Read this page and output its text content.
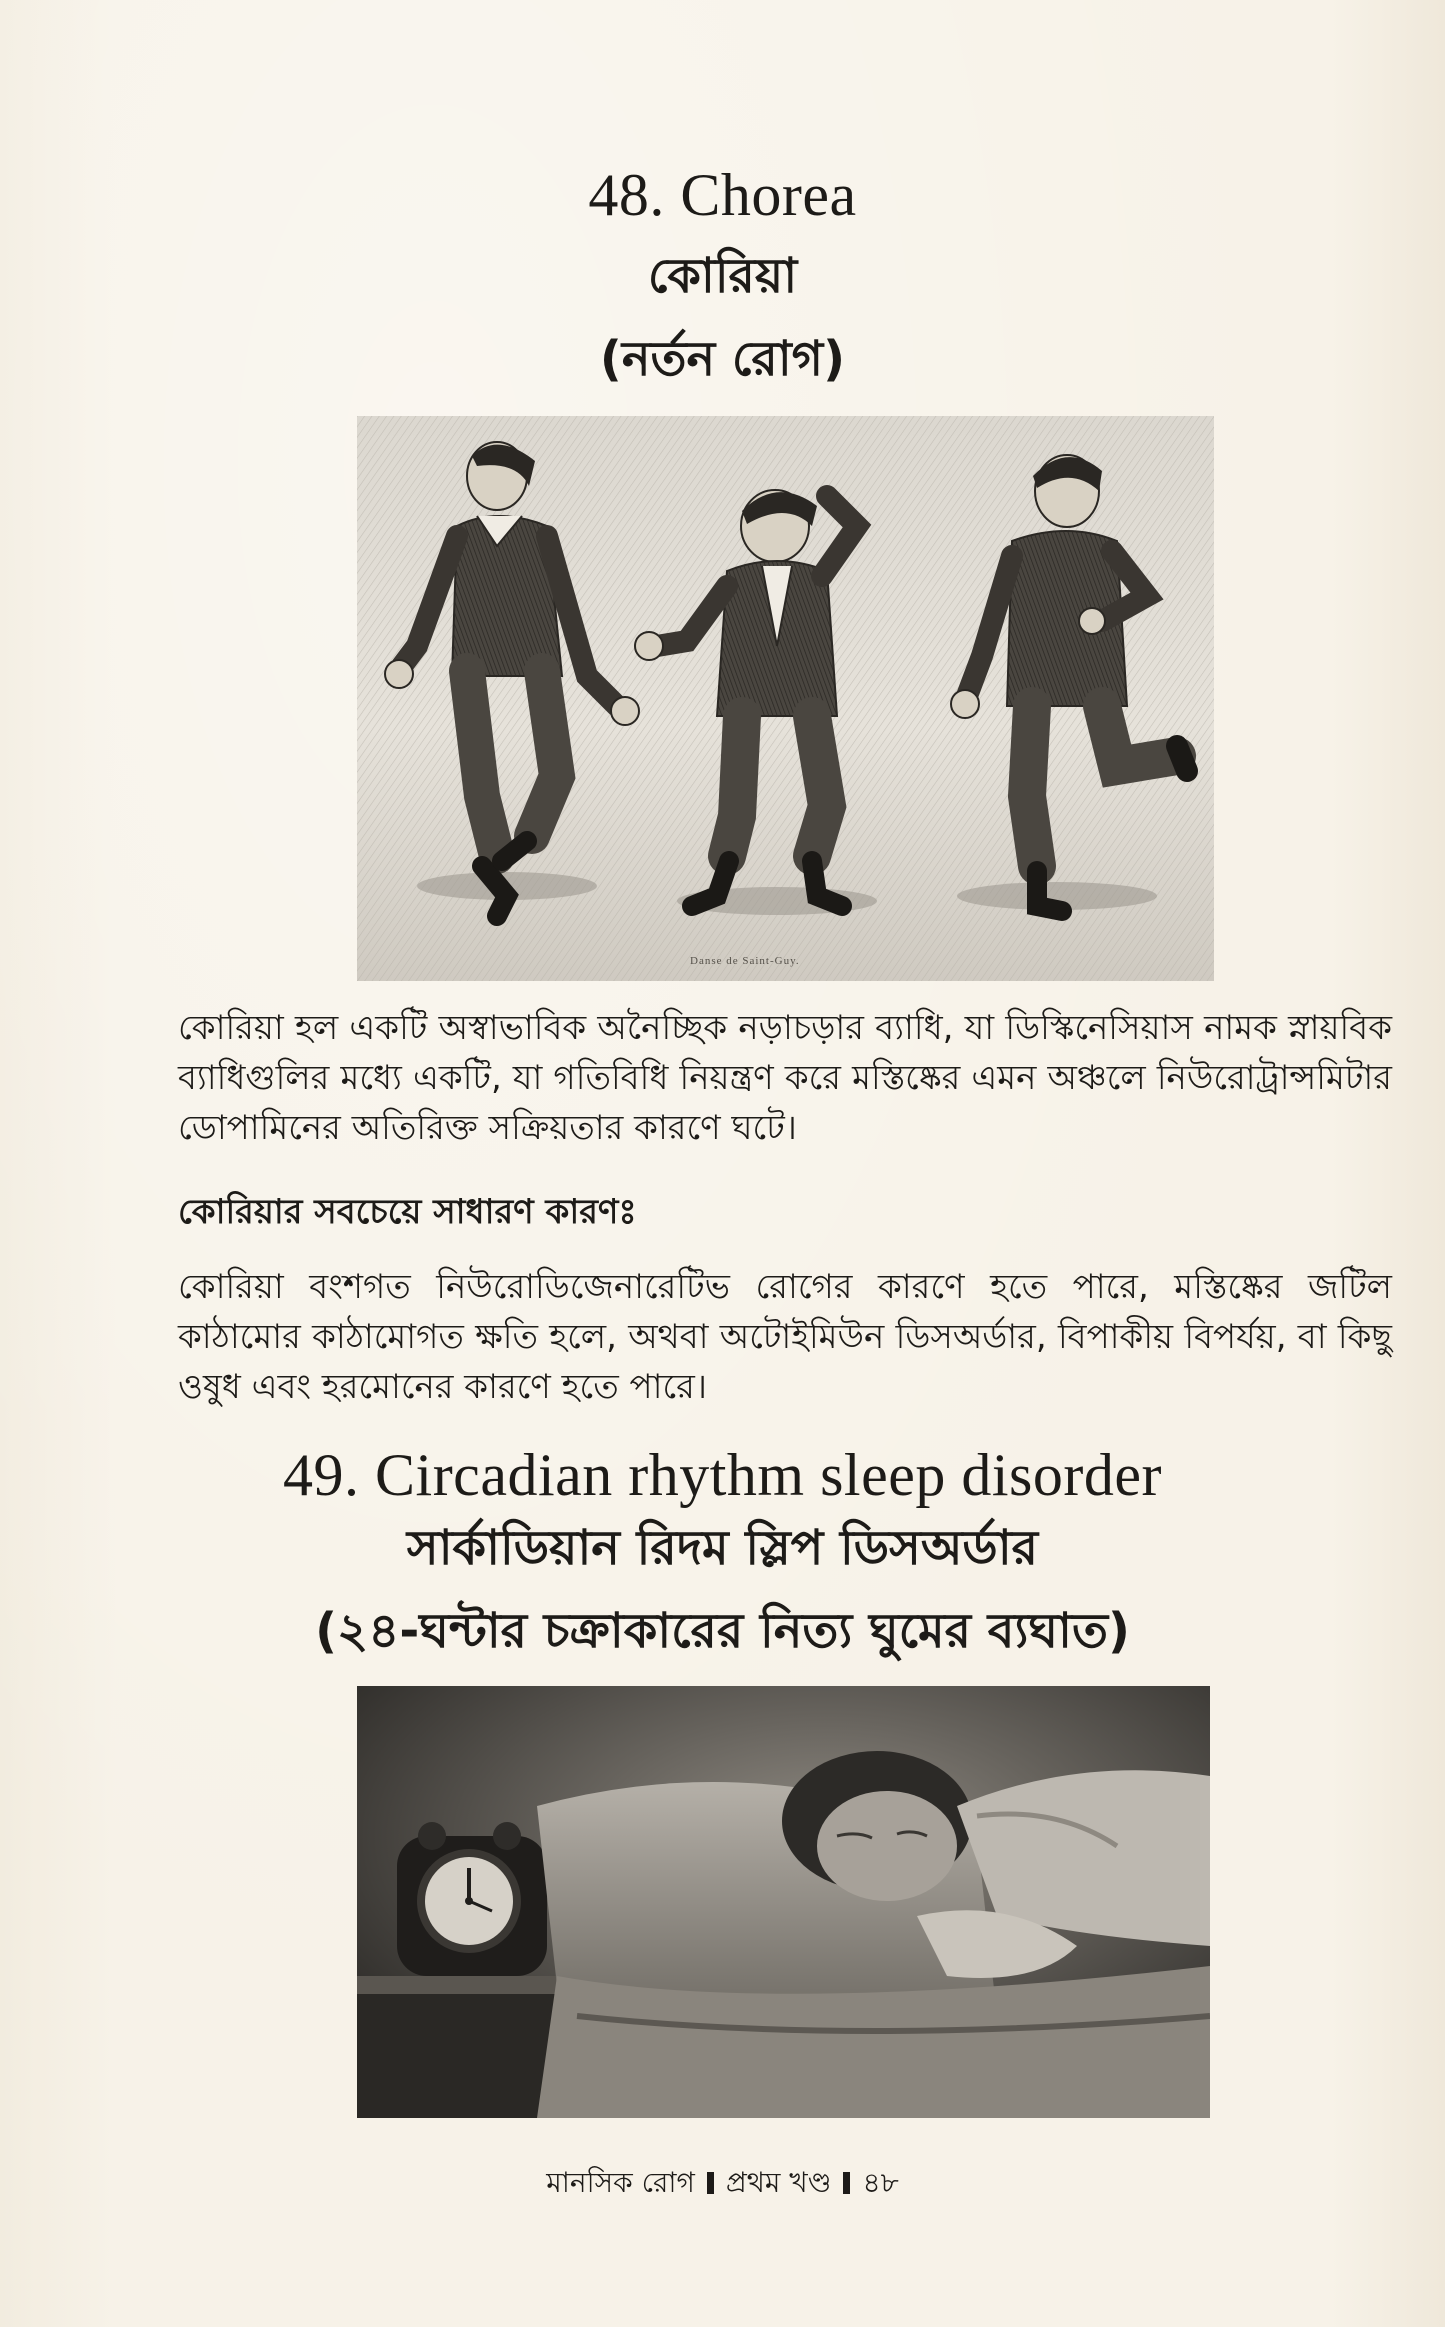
48. Chorea
কোরিয়া
(নর্তন রোগ)
Danse de Saint-Guy.

কোরিয়া হল একটি অস্বাভাবিক অনৈচ্ছিক নড়াচড়ার ব্যাধি, যা ডিস্কিনেসিয়াস নামক স্নায়বিক ব্যাধিগুলির মধ্যে একটি, যা গতিবিধি নিয়ন্ত্রণ করে মস্তিষ্কের এমন অঞ্চলে নিউরোট্রান্সমিটার ডোপামিনের অতিরিক্ত সক্রিয়তার কারণে ঘটে।

কোরিয়ার সবচেয়ে সাধারণ কারণঃ

কোরিয়া বংশগত নিউরোডিজেনারেটিভ রোগের কারণে হতে পারে, মস্তিষ্কের জটিল কাঠামোর কাঠামোগত ক্ষতি হলে, অথবা অটোইমিউন ডিসঅর্ডার, বিপাকীয় বিপর্যয়, বা কিছু ওষুধ এবং হরমোনের কারণে হতে পারে।

49. Circadian rhythm sleep disorder
সার্কাডিয়ান রিদম স্লিপ ডিসঅর্ডার
(২৪-ঘন্টার চক্রাকারের নিত্য ঘুমের ব্যঘাত)
মানসিক রোগ প্রথম খণ্ড ৪৮
